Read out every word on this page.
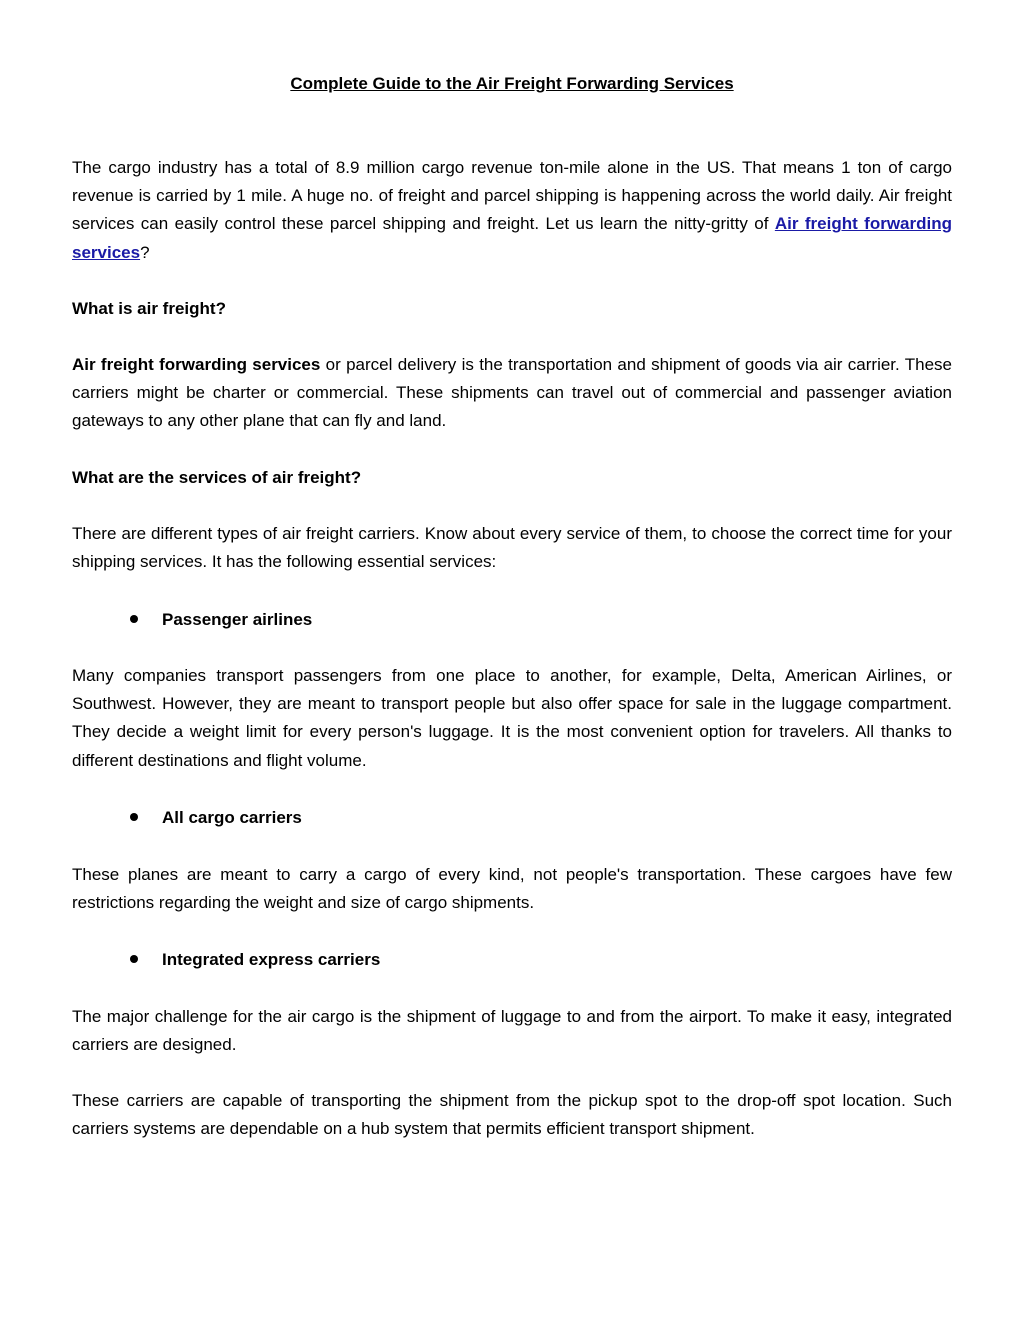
Complete Guide to the Air Freight Forwarding Services

The cargo industry has a total of 8.9 million cargo revenue ton-mile alone in the US. That means 1 ton of cargo revenue is carried by 1 mile. A huge no. of freight and parcel shipping is happening across the world daily. Air freight services can easily control these parcel shipping and freight. Let us learn the nitty-gritty of Air freight forwarding services?

What is air freight?

Air freight forwarding services or parcel delivery is the transportation and shipment of goods via air carrier. These carriers might be charter or commercial. These shipments can travel out of commercial and passenger aviation gateways to any other plane that can fly and land.

What are the services of air freight?

There are different types of air freight carriers. Know about every service of them, to choose the correct time for your shipping services. It has the following essential services:

Passenger airlines

Many companies transport passengers from one place to another, for example, Delta, American Airlines, or Southwest. However, they are meant to transport people but also offer space for sale in the luggage compartment. They decide a weight limit for every person's luggage. It is the most convenient option for travelers. All thanks to different destinations and flight volume.

All cargo carriers

These planes are meant to carry a cargo of every kind, not people's transportation. These cargoes have few restrictions regarding the weight and size of cargo shipments.

Integrated express carriers

The major challenge for the air cargo is the shipment of luggage to and from the airport. To make it easy, integrated carriers are designed.

These carriers are capable of transporting the shipment from the pickup spot to the drop-off spot location. Such carriers systems are dependable on a hub system that permits efficient transport shipment.
